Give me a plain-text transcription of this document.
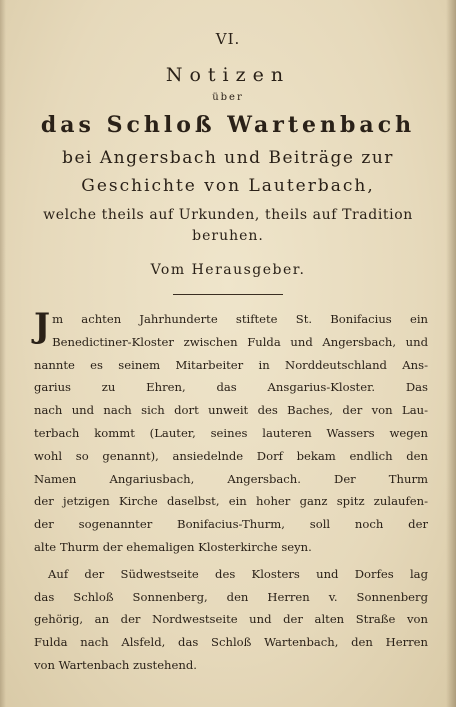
VI.
Notizen
über
das Schloß Wartenbach
bei Angersbach und Beiträge zur
Geschichte von Lauterbach,
welche theils auf Urkunden, theils auf Tradition
beruhen.
Vom Herausgeber.
J m achten Jahrhunderte stiftete St. Bonifacius ein
Benedictiner-Kloster zwischen Fulda und Angersbach, und
nannte es seinem Mitarbeiter in Norddeutschland Ans-
garius zu Ehren, das Ansgarius-Kloster. Das
nach und nach sich dort unweit des Baches, der von Lau-
terbach kommt (Lauter, seines lauteren Wassers wegen
wohl so genannt), ansiedelnde Dorf bekam endlich den
Namen Angariusbach, Angersbach. Der Thurm
der jetzigen Kirche daselbst, ein hoher ganz spitz zulaufen-
der sogenannter Bonifacius-Thurm, soll noch der
alte Thurm der ehemaligen Klosterkirche seyn.
Auf der Südwestseite des Klosters und Dorfes lag
das Schloß Sonnenberg, den Herren v. Sonnenberg
gehörig, an der Nordwestseite und der alten Straße von
Fulda nach Alsfeld, das Schloß Wartenbach, den Herren
von Wartenbach zustehend.
